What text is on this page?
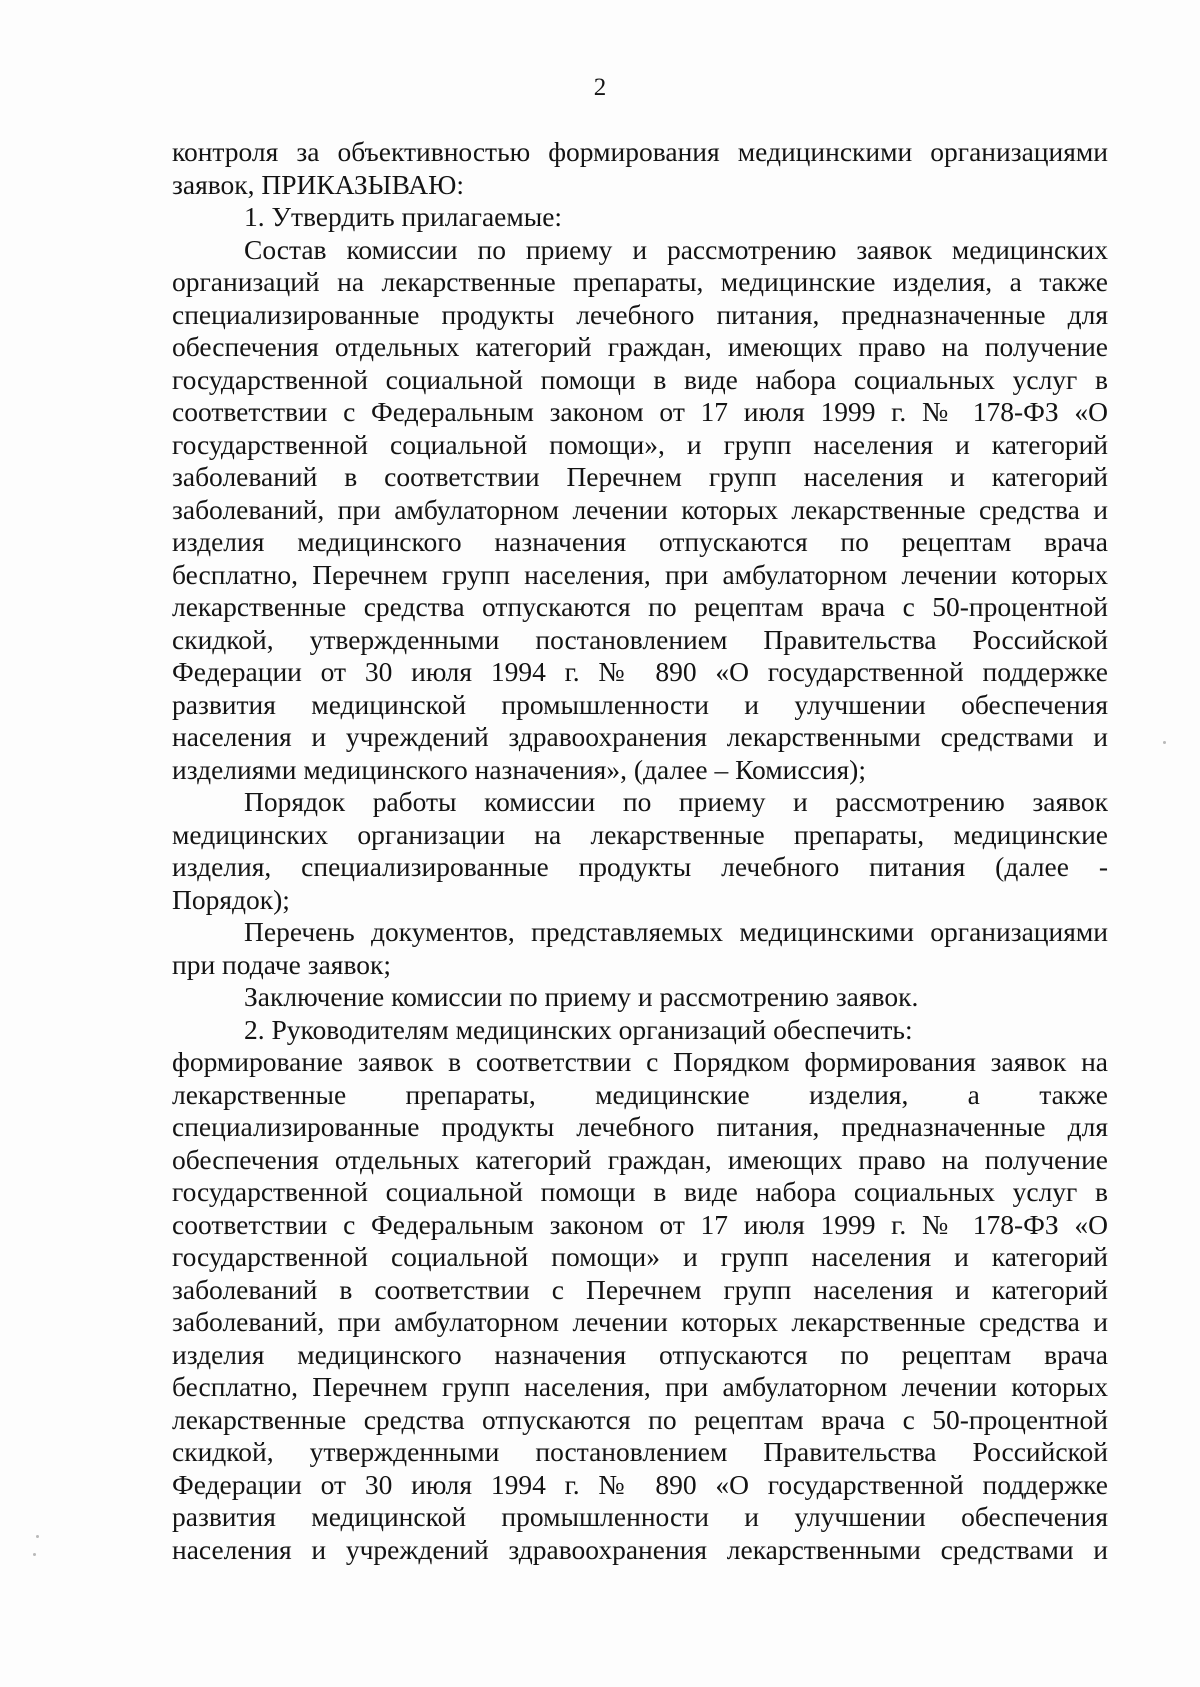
2
контроля за объективностью формирования медицинскими организациями
заявок, ПРИКАЗЫВАЮ:
1. Утвердить прилагаемые:
Состав комиссии по приему и рассмотрению заявок медицинских
организаций на лекарственные препараты, медицинские изделия, а также
специализированные продукты лечебного питания, предназначенные для
обеспечения отдельных категорий граждан, имеющих право на получение
государственной социальной помощи в виде набора социальных услуг в
соответствии с Федеральным законом от 17 июля 1999 г. № 178-ФЗ «О
государственной социальной помощи», и групп населения и категорий
заболеваний в соответствии Перечнем групп населения и категорий
заболеваний, при амбулаторном лечении которых лекарственные средства и
изделия медицинского назначения отпускаются по рецептам врача
бесплатно, Перечнем групп населения, при амбулаторном лечении которых
лекарственные средства отпускаются по рецептам врача с 50-процентной
скидкой, утвержденными постановлением Правительства Российской
Федерации от 30 июля 1994 г. № 890 «О государственной поддержке
развития медицинской промышленности и улучшении обеспечения
населения и учреждений здравоохранения лекарственными средствами и
изделиями медицинского назначения», (далее – Комиссия);
Порядок работы комиссии по приему и рассмотрению заявок
медицинских организации на лекарственные препараты, медицинские
изделия, специализированные продукты лечебного питания (далее -
Порядок);
Перечень документов, представляемых медицинскими организациями
при подаче заявок;
Заключение комиссии по приему и рассмотрению заявок.
2. Руководителям медицинских организаций обеспечить:
формирование заявок в соответствии с Порядком формирования заявок на
лекарственные препараты, медицинские изделия, а также
специализированные продукты лечебного питания, предназначенные для
обеспечения отдельных категорий граждан, имеющих право на получение
государственной социальной помощи в виде набора социальных услуг в
соответствии с Федеральным законом от 17 июля 1999 г. № 178-ФЗ «О
государственной социальной помощи» и групп населения и категорий
заболеваний в соответствии с Перечнем групп населения и категорий
заболеваний, при амбулаторном лечении которых лекарственные средства и
изделия медицинского назначения отпускаются по рецептам врача
бесплатно, Перечнем групп населения, при амбулаторном лечении которых
лекарственные средства отпускаются по рецептам врача с 50-процентной
скидкой, утвержденными постановлением Правительства Российской
Федерации от 30 июля 1994 г. № 890 «О государственной поддержке
развития медицинской промышленности и улучшении обеспечения
населения и учреждений здравоохранения лекарственными средствами и
